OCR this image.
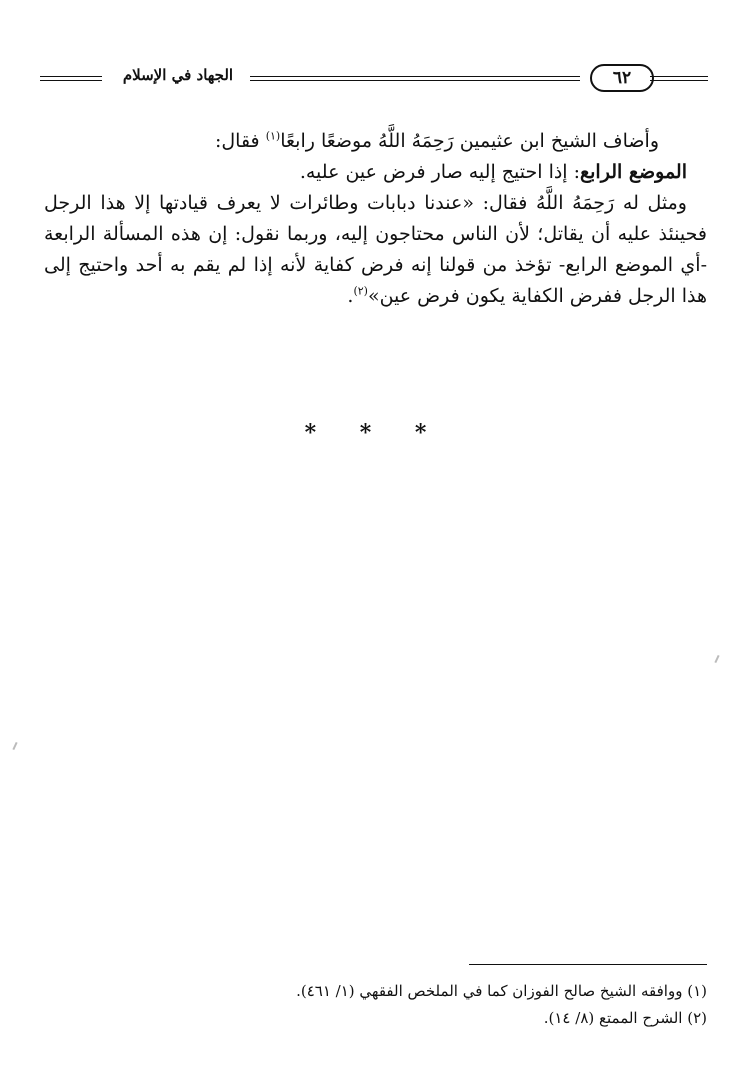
٦٢
الجهاد في الإسلام

وأضاف الشيخ ابن عثيمين رَحِمَهُ اللَّهُ موضعًا رابعًا$^{(١)}$ فقال:

الموضع الرابع: إذا احتيج إليه صار فرض عين عليه.

ومثل له رَحِمَهُ اللَّهُ فقال: «عندنا دبابات وطائرات لا يعرف قيادتها إلا هذا الرجل فحينئذ عليه أن يقاتل؛ لأن الناس محتاجون إليه، وربما نقول: إن هذه المسألة الرابعة -أي الموضع الرابع- تؤخذ من قولنا إنه فرض كفاية لأنه إذا لم يقم به أحد واحتيج إلى هذا الرجل ففرض الكفاية يكون فرض عين»$^{(٢)}$.

* * *

(١) ووافقه الشيخ صالح الفوزان كما في الملخص الفقهي (١/ ٤٦١).

(٢) الشرح الممتع (٨/ ١٤).
